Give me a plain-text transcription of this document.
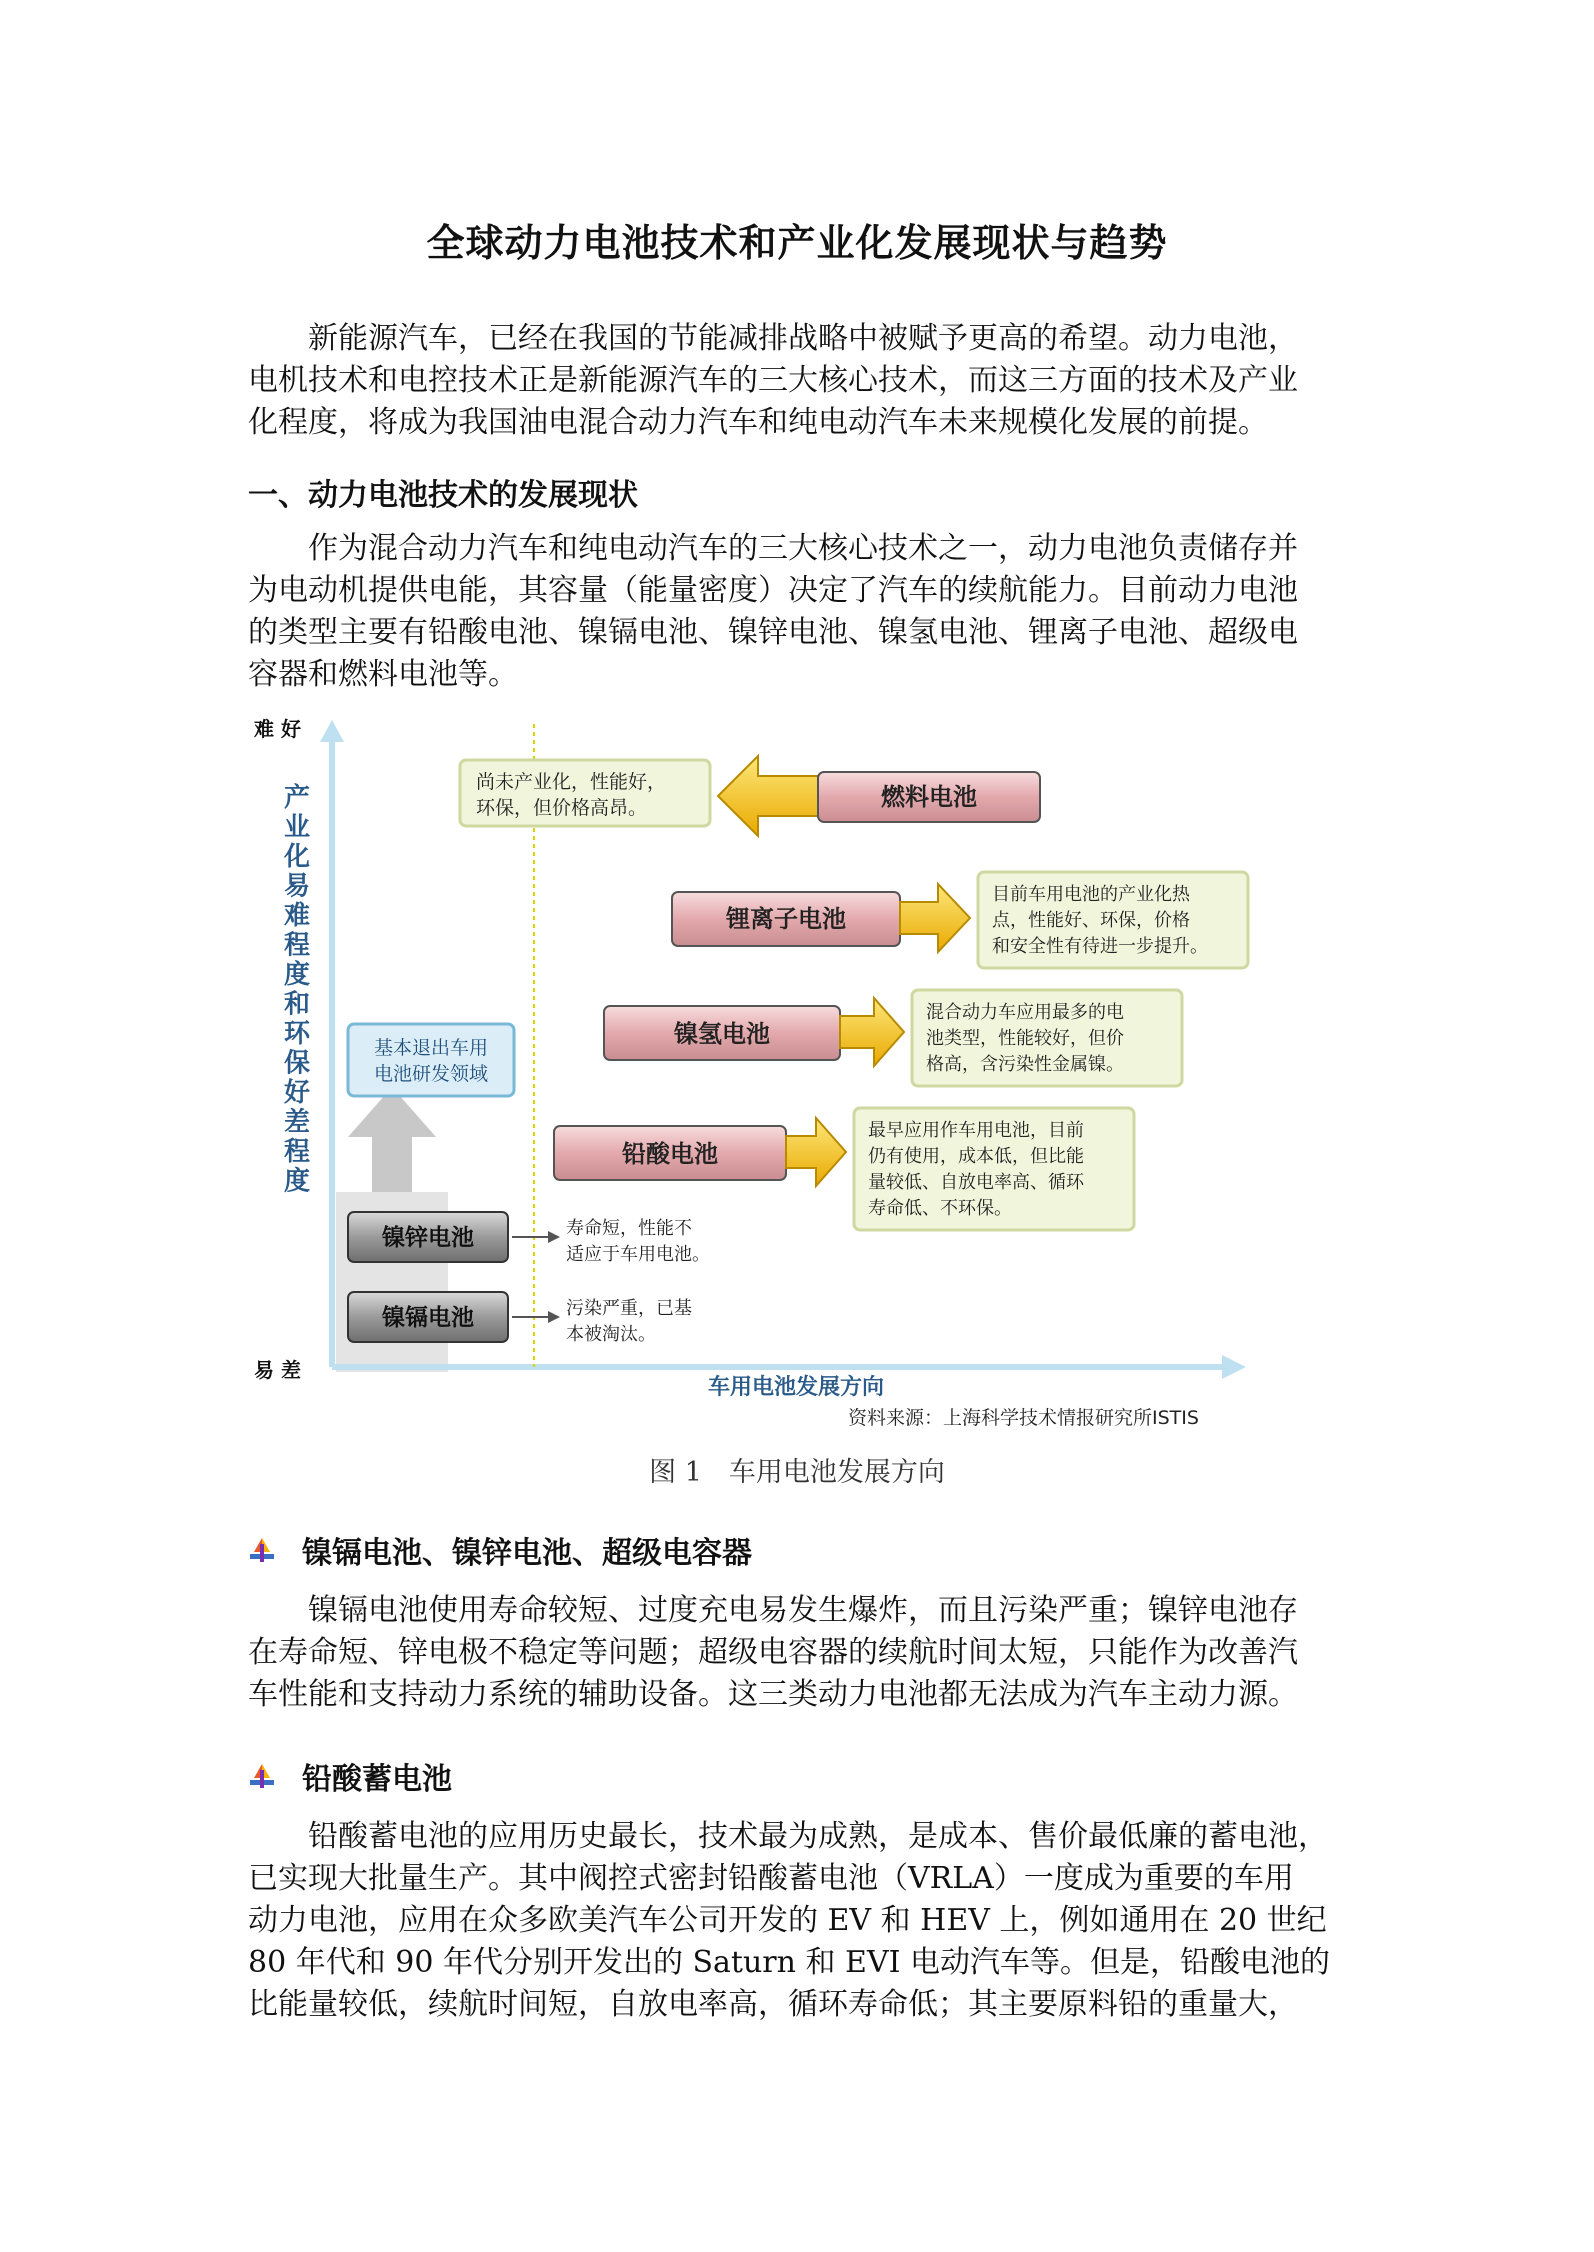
全球动力电池技术和产业化发展现状与趋势

　　新能源汽车，已经在我国的节能减排战略中被赋予更高的希望。动力电池，

电机技术和电控技术正是新能源汽车的三大核心技术，而这三方面的技术及产业

化程度，将成为我国油电混合动力汽车和纯电动汽车未来规模化发展的前提。

一、动力电池技术的发展现状

　　作为混合动力汽车和纯电动汽车的三大核心技术之一，动力电池负责储存并

为电动机提供电能，其容量（能量密度）决定了汽车的续航能力。目前动力电池

的类型主要有铅酸电池、镍镉电池、镍锌电池、镍氢电池、锂离子电池、超级电

容器和燃料电池等。

难 好
易 差
产
业
化
易
难
程
度
和
环
保
好
差
程
度
尚未产业化，性能好，
环保，但价格高昂。	燃料电池
锂离子电池
目前车用电池的产业化热
点，性能好、环保，价格
和安全性有待进一步提升。
镍氢电池
混合动力车应用最多的电
池类型，性能较好，但价
格高，含污染性金属镍。
铅酸电池
最早应用作车用电池，目前
仍有使用，成本低，但比能
量较低、自放电率高、循环
寿命低、不环保。
基本退出车用
电池研发领域
镍锌电池	寿命短，性能不
适应于车用电池。
镍镉电池	污染严重，已基
本被淘汰。
车用电池发展方向
资料来源：上海科学技术情报研究所ISTIS
图 1　车用电池发展方向
镍镉电池、镍锌电池、超级电容器

　　镍镉电池使用寿命较短、过度充电易发生爆炸，而且污染严重；镍锌电池存

在寿命短、锌电极不稳定等问题；超级电容器的续航时间太短，只能作为改善汽

车性能和支持动力系统的辅助设备。这三类动力电池都无法成为汽车主动力源。

铅酸蓄电池

　　铅酸蓄电池的应用历史最长，技术最为成熟，是成本、售价最低廉的蓄电池，

已实现大批量生产。其中阀控式密封铅酸蓄电池（VRLA）一度成为重要的车用

动力电池，应用在众多欧美汽车公司开发的 EV 和 HEV 上，例如通用在 20 世纪

80 年代和 90 年代分别开发出的 Saturn 和 EVI 电动汽车等。但是，铅酸电池的

比能量较低，续航时间短，自放电率高，循环寿命低；其主要原料铅的重量大，
